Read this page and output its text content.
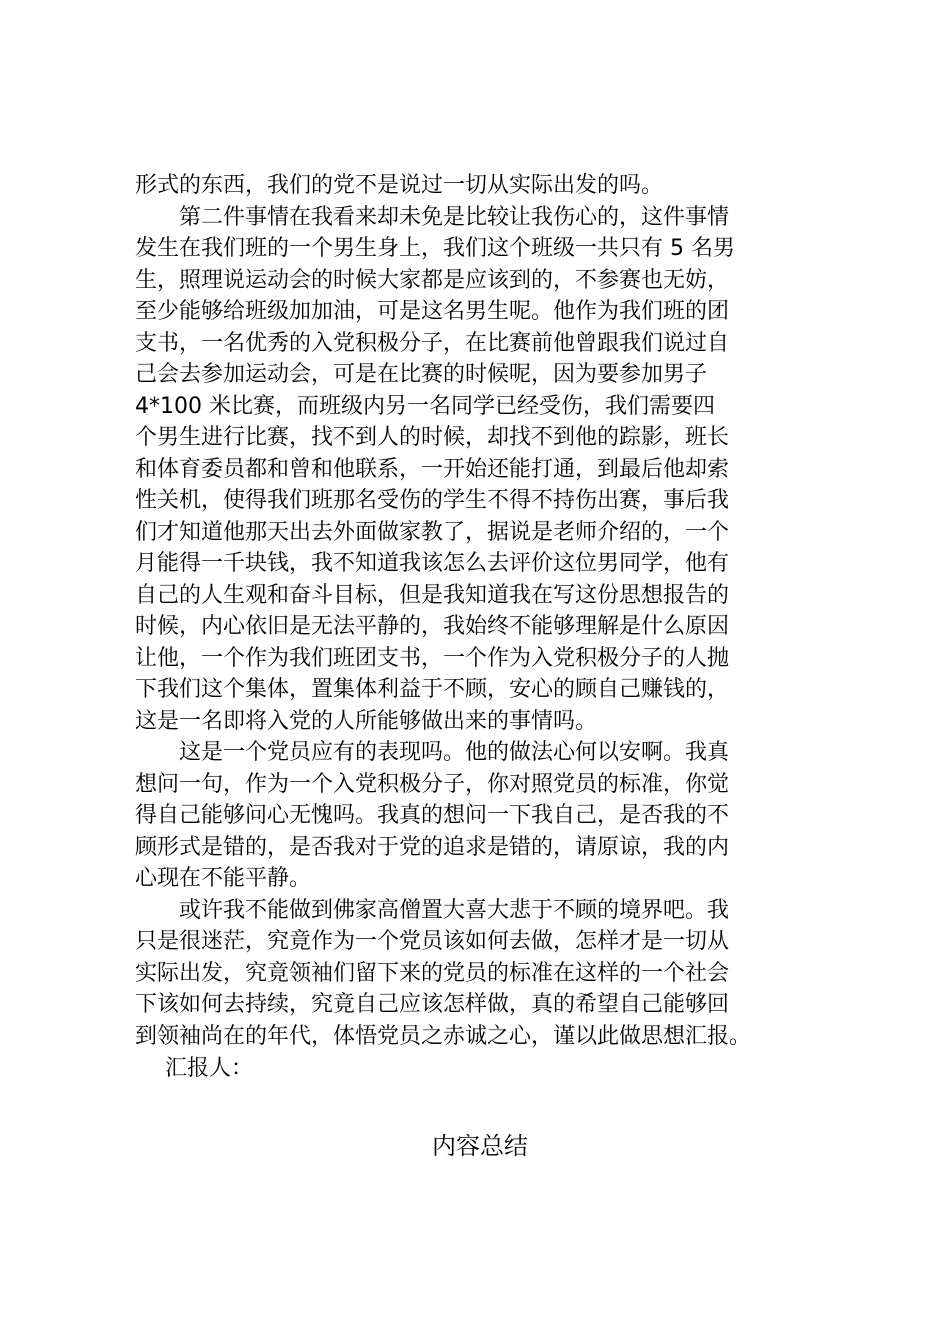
形式的东西，我们的党不是说过一切从实际出发的吗。
　　第二件事情在我看来却未免是比较让我伤心的，这件事情
发生在我们班的一个男生身上，我们这个班级一共只有 5 名男
生，照理说运动会的时候大家都是应该到的，不参赛也无妨，
至少能够给班级加加油，可是这名男生呢。他作为我们班的团
支书，一名优秀的入党积极分子，在比赛前他曾跟我们说过自
己会去参加运动会，可是在比赛的时候呢，因为要参加男子
4*100 米比赛，而班级内另一名同学已经受伤，我们需要四
个男生进行比赛，找不到人的时候，却找不到他的踪影，班长
和体育委员都和曾和他联系，一开始还能打通，到最后他却索
性关机，使得我们班那名受伤的学生不得不持伤出赛，事后我
们才知道他那天出去外面做家教了，据说是老师介绍的，一个
月能得一千块钱，我不知道我该怎么去评价这位男同学，他有
自己的人生观和奋斗目标，但是我知道我在写这份思想报告的
时候，内心依旧是无法平静的，我始终不能够理解是什么原因
让他，一个作为我们班团支书，一个作为入党积极分子的人抛
下我们这个集体，置集体利益于不顾，安心的顾自己赚钱的，
这是一名即将入党的人所能够做出来的事情吗。
　　这是一个党员应有的表现吗。他的做法心何以安啊。我真
想问一句，作为一个入党积极分子，你对照党员的标准，你觉
得自己能够问心无愧吗。我真的想问一下我自己，是否我的不
顾形式是错的，是否我对于党的追求是错的，请原谅，我的内
心现在不能平静。
　　或许我不能做到佛家高僧置大喜大悲于不顾的境界吧。我
只是很迷茫，究竟作为一个党员该如何去做，怎样才是一切从
实际出发，究竟领袖们留下来的党员的标准在这样的一个社会
下该如何去持续，究竟自己应该怎样做，真的希望自己能够回
到领袖尚在的年代，体悟党员之赤诚之心，谨以此做思想汇报。
汇报人：
内容总结
